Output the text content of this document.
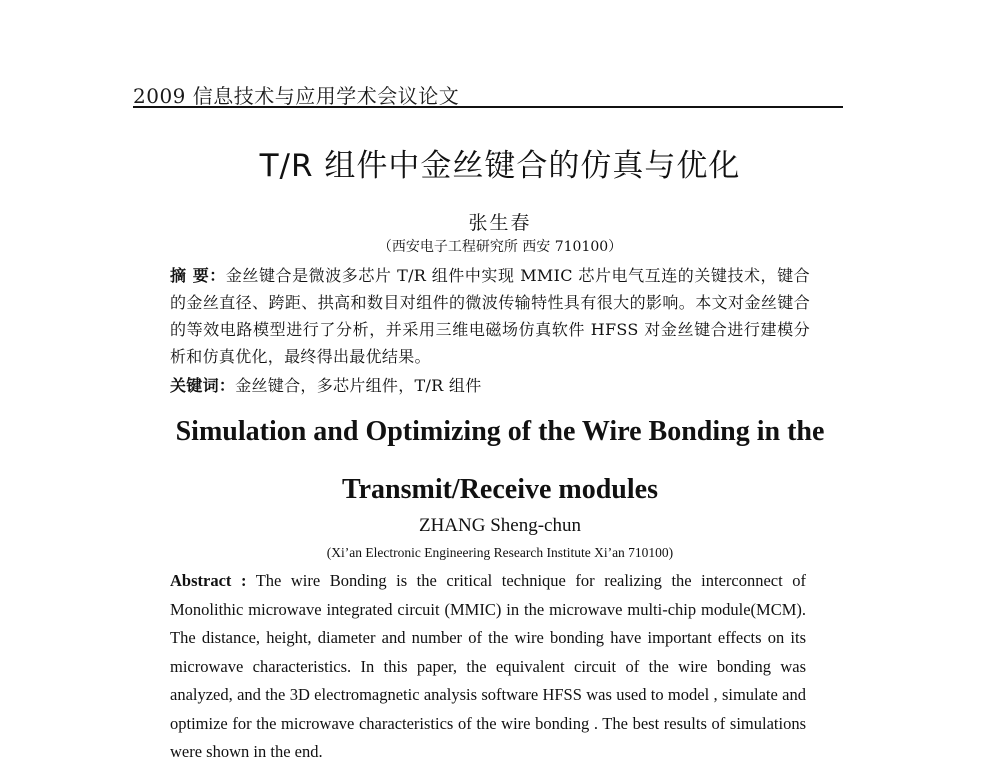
2009 信息技术与应用学术会议论文
T/R 组件中金丝键合的仿真与优化
张生春
（西安电子工程研究所 西安 710100）
摘 要：金丝键合是微波多芯片 T/R 组件中实现 MMIC 芯片电气互连的关键技术，键合的金丝直径、跨距、拱高和数目对组件的微波传输特性具有很大的影响。本文对金丝键合的等效电路模型进行了分析，并采用三维电磁场仿真软件 HFSS 对金丝键合进行建模分析和仿真优化，最终得出最优结果。
关键词：金丝键合，多芯片组件，T/R 组件
Simulation and Optimizing of the Wire Bonding in the
Transmit/Receive modules
ZHANG Sheng-chun
(Xi’an Electronic Engineering Research Institute Xi’an 710100)
Abstract : The wire Bonding is the critical technique for realizing the interconnect of Monolithic microwave integrated circuit (MMIC) in the microwave multi-chip module(MCM). The distance, height, diameter and number of the wire bonding have important effects on its microwave characteristics. In this paper, the equivalent circuit of the wire bonding was analyzed, and the 3D electromagnetic analysis software HFSS was used to model , simulate and optimize for the microwave characteristics of the wire bonding . The best results of simulations were shown in the end.
